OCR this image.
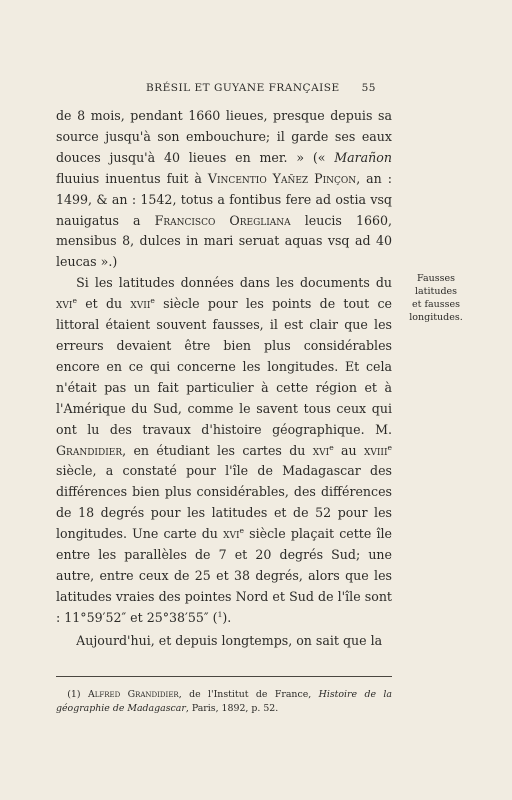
BRÉSIL ET GUYANE FRANÇAISE 55

de 8 mois, pendant 1660 lieues, presque depuis sa source jusqu'à son embouchure; il garde ses eaux douces jusqu'à 40 lieues en mer. » (« Marañon fluuius inuentus fuit à Vincentio Yañez Pinçon, an : 1499, & an : 1542, totus a fontibus fere ad ostia vsq nauigatus a Francisco Oregliana leucis 1660, mensibus 8, dulces in mari seruat aquas vsq ad 40 leucas ».)

Si les latitudes données dans les documents du xvi$^e$ et du xvii$^e$ siècle pour les points de tout ce littoral étaient souvent fausses, il est clair que les erreurs devaient être bien plus considérables encore en ce qui concerne les longitudes. Et cela n'était pas un fait particulier à cette région et à l'Amérique du Sud, comme le savent tous ceux qui ont lu des travaux d'histoire géographique. M. Grandidier, en étudiant les cartes du xvi$^e$ au xviii$^e$ siècle, a constaté pour l'île de Madagascar des différences bien plus considérables, des différences de 18 degrés pour les latitudes et de 52 pour les longitudes. Une carte du xvi$^e$ siècle plaçait cette île entre les parallèles de 7 et 20 degrés Sud; une autre, entre ceux de 25 et 38 degrés, alors que les latitudes vraies des pointes Nord et Sud de l'île sont : 11°59′52″ et 25°38′55″ ($^1$).

Fausses
latitudes
et fausses
longitudes.
Aujourd'hui, et depuis longtemps, on sait que la
(1) Alfred Grandidier, de l'Institut de France, Histoire de la géographie de Madagascar, Paris, 1892, p. 52.
